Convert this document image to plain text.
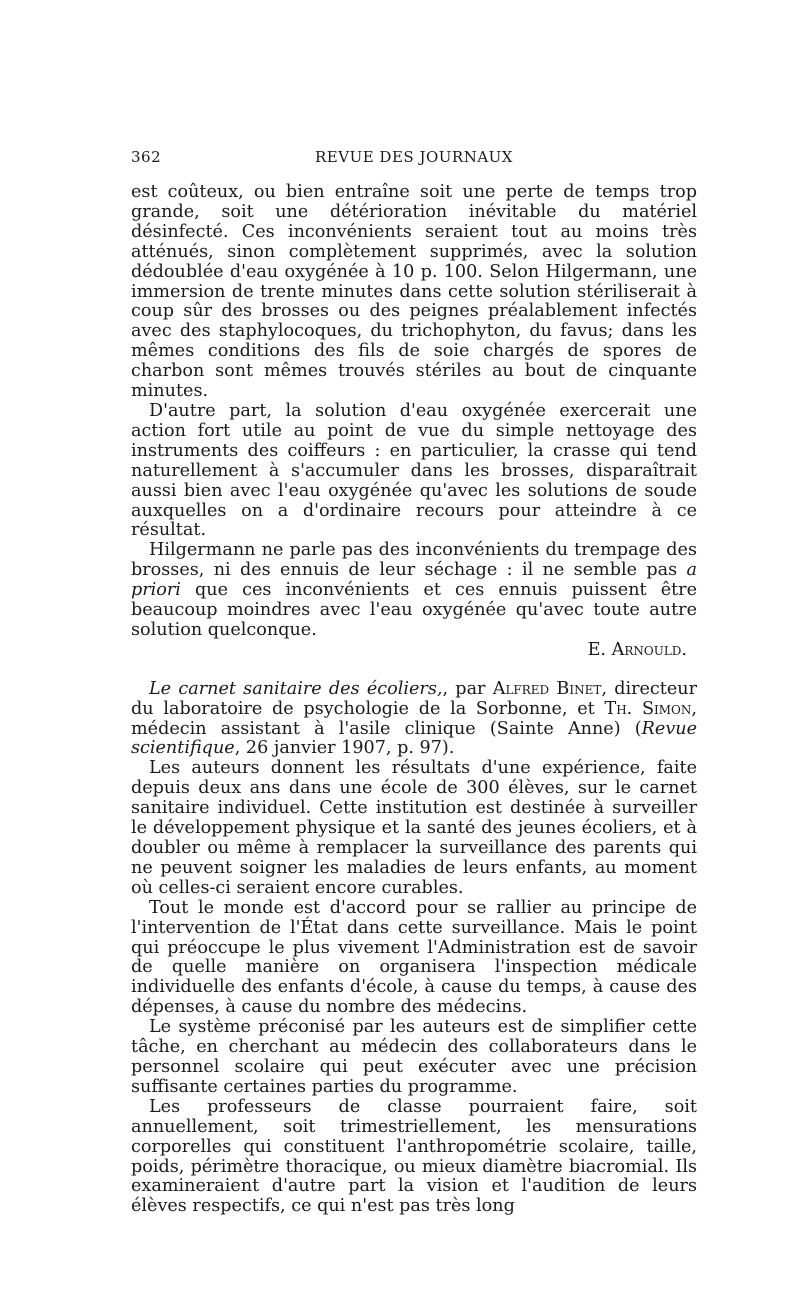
362	REVUE DES JOURNAUX

est coûteux, ou bien entraîne soit une perte de temps trop grande, soit une détérioration inévitable du matériel désinfecté. Ces inconvénients seraient tout au moins très atténués, sinon complètement supprimés, avec la solution dédoublée d'eau oxygénée à 10 p. 100. Selon Hilgermann, une immersion de trente minutes dans cette solution stériliserait à coup sûr des brosses ou des peignes préalablement infectés avec des staphylocoques, du trichophyton, du favus; dans les mêmes conditions des fils de soie chargés de spores de charbon sont mêmes trouvés stériles au bout de cinquante minutes.

D'autre part, la solution d'eau oxygénée exercerait une action fort utile au point de vue du simple nettoyage des instruments des coiffeurs : en particulier, la crasse qui tend naturellement à s'accumuler dans les brosses, disparaîtrait aussi bien avec l'eau oxygénée qu'avec les solutions de soude auxquelles on a d'ordinaire recours pour atteindre à ce résultat.

Hilgermann ne parle pas des inconvénients du trempage des brosses, ni des ennuis de leur séchage : il ne semble pas a priori que ces inconvénients et ces ennuis puissent être beaucoup moindres avec l'eau oxygénée qu'avec toute autre solution quelconque.

E. Arnould.

Le carnet sanitaire des écoliers,, par Alfred Binet, directeur du laboratoire de psychologie de la Sorbonne, et Th. Simon, médecin assistant à l'asile clinique (Sainte Anne) (Revue scientifique, 26 janvier 1907, p. 97).

Les auteurs donnent les résultats d'une expérience, faite depuis deux ans dans une école de 300 élèves, sur le carnet sanitaire individuel. Cette institution est destinée à surveiller le développement physique et la santé des jeunes écoliers, et à doubler ou même à remplacer la surveillance des parents qui ne peuvent soigner les maladies de leurs enfants, au moment où celles-ci seraient encore curables.

Tout le monde est d'accord pour se rallier au principe de l'intervention de l'État dans cette surveillance. Mais le point qui préoccupe le plus vivement l'Administration est de savoir de quelle manière on organisera l'inspection médicale individuelle des enfants d'école, à cause du temps, à cause des dépenses, à cause du nombre des médecins.

Le système préconisé par les auteurs est de simplifier cette tâche, en cherchant au médecin des collaborateurs dans le personnel scolaire qui peut exécuter avec une précision suffisante certaines parties du programme.

Les professeurs de classe pourraient faire, soit annuellement, soit trimestriellement, les mensurations corporelles qui constituent l'anthropométrie scolaire, taille, poids, périmètre thoracique, ou mieux diamètre biacromial. Ils examineraient d'autre part la vision et l'audition de leurs élèves respectifs, ce qui n'est pas très long
